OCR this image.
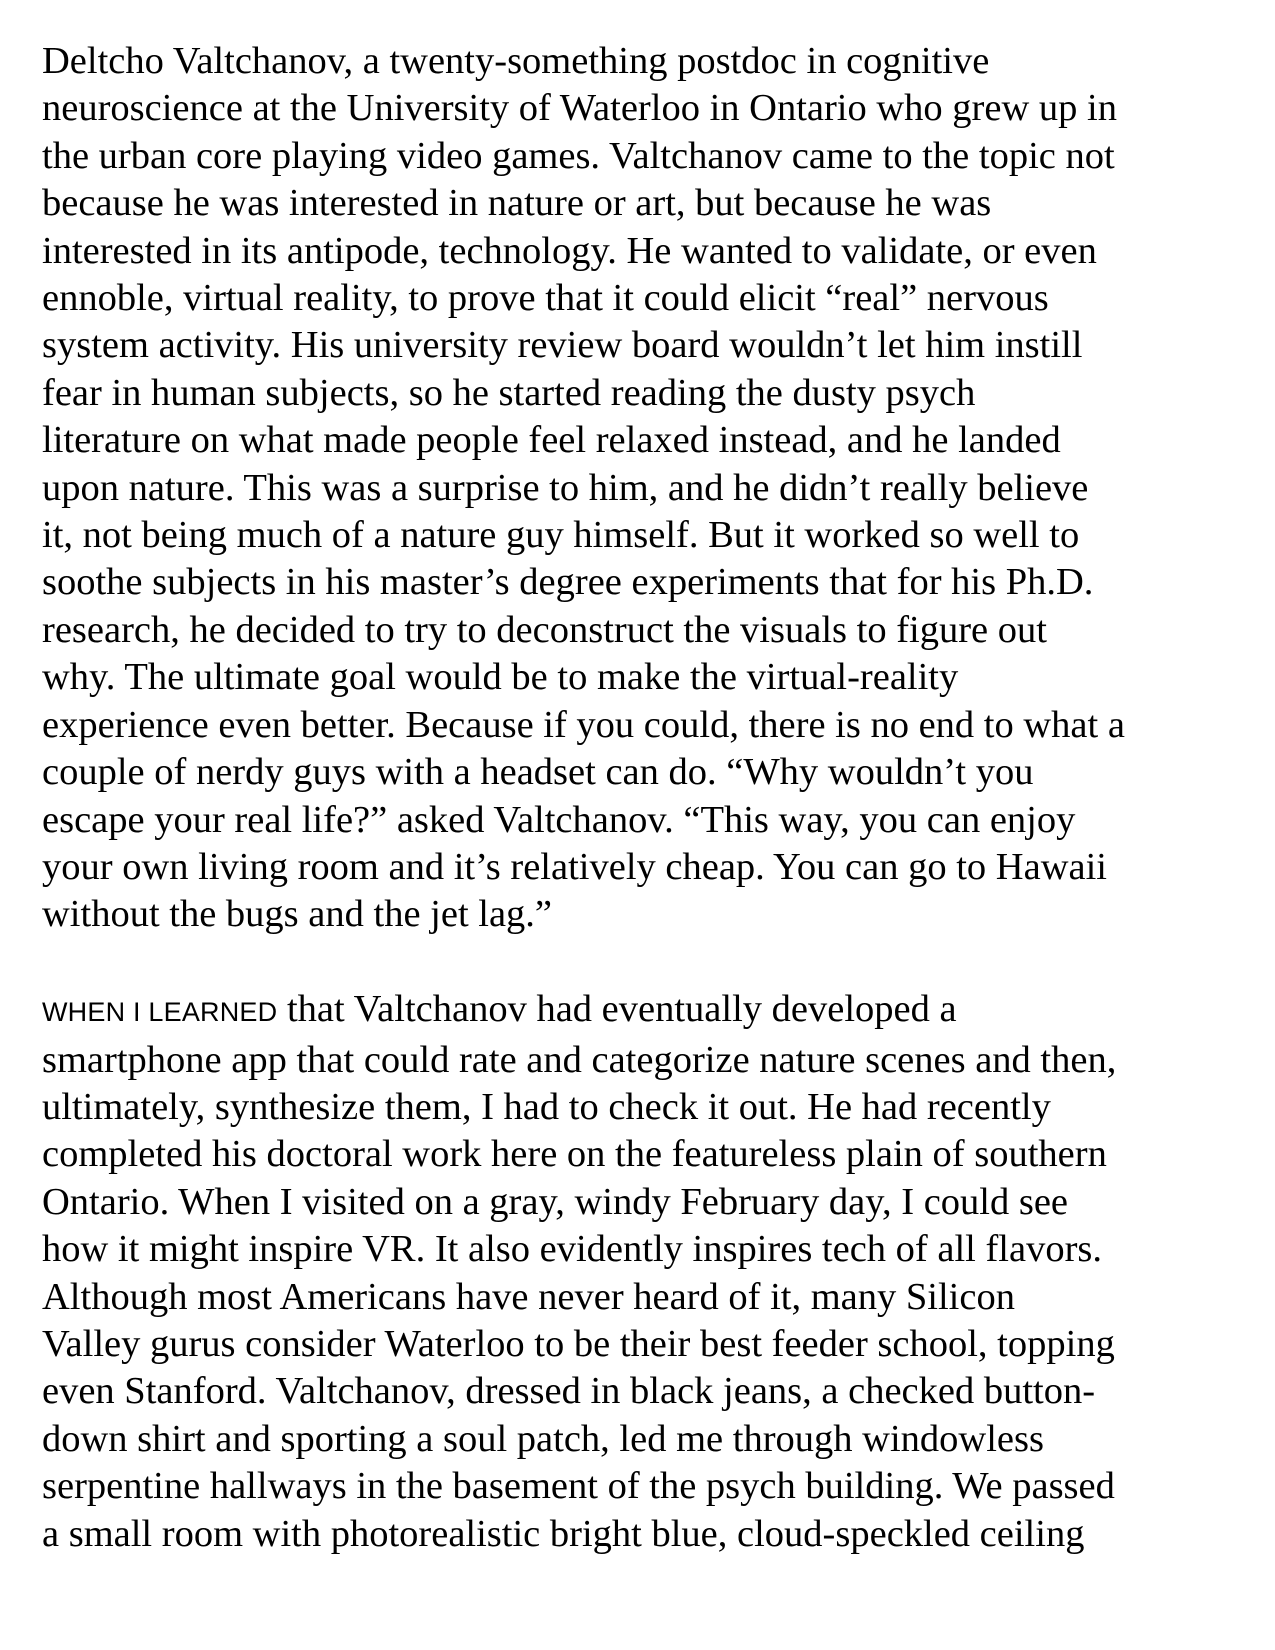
Deltcho Valtchanov, a twenty-something postdoc in cognitive
neuroscience at the University of Waterloo in Ontario who grew up in
the urban core playing video games. Valtchanov came to the topic not
because he was interested in nature or art, but because he was
interested in its antipode, technology. He wanted to validate, or even
ennoble, virtual reality, to prove that it could elicit “real” nervous
system activity. His university review board wouldn’t let him instill
fear in human subjects, so he started reading the dusty psych
literature on what made people feel relaxed instead, and he landed
upon nature. This was a surprise to him, and he didn’t really believe
it, not being much of a nature guy himself. But it worked so well to
soothe subjects in his master’s degree experiments that for his Ph.D.
research, he decided to try to deconstruct the visuals to figure out
why. The ultimate goal would be to make the virtual-reality
experience even better. Because if you could, there is no end to what a
couple of nerdy guys with a headset can do. “Why wouldn’t you
escape your real life?” asked Valtchanov. “This way, you can enjoy
your own living room and it’s relatively cheap. You can go to Hawaii
without the bugs and the jet lag.”
WHEN I LEARNED that Valtchanov had eventually developed a
smartphone app that could rate and categorize nature scenes and then,
ultimately, synthesize them, I had to check it out. He had recently
completed his doctoral work here on the featureless plain of southern
Ontario. When I visited on a gray, windy February day, I could see
how it might inspire VR. It also evidently inspires tech of all flavors.
Although most Americans have never heard of it, many Silicon
Valley gurus consider Waterloo to be their best feeder school, topping
even Stanford. Valtchanov, dressed in black jeans, a checked button-
down shirt and sporting a soul patch, led me through windowless
serpentine hallways in the basement of the psych building. We passed
a small room with photorealistic bright blue, cloud-speckled ceiling
